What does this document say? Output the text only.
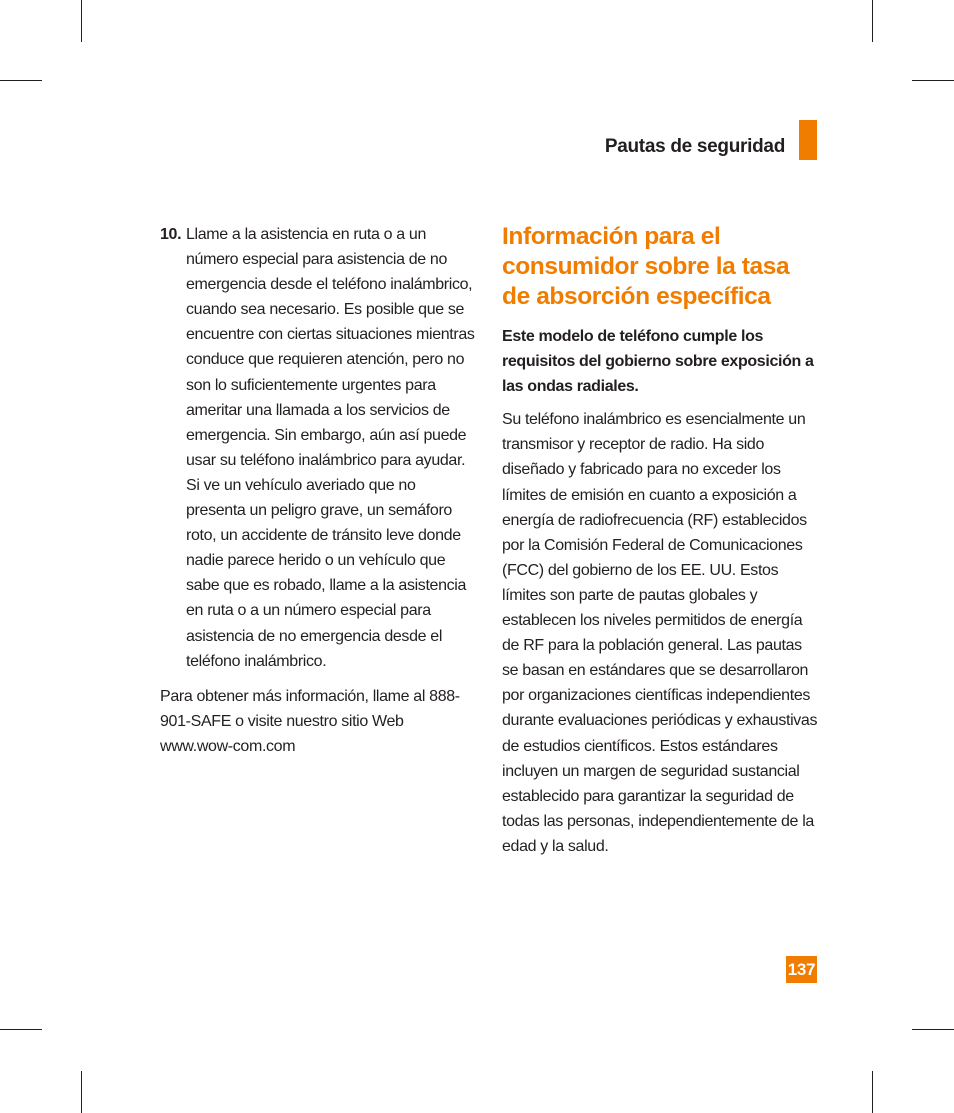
Pautas de seguridad
10. Llame a la asistencia en ruta o a un número especial para asistencia de no emergencia desde el teléfono inalámbrico, cuando sea necesario. Es posible que se encuentre con ciertas situaciones mientras conduce que requieren atención, pero no son lo suficientemente urgentes para ameritar una llamada a los servicios de emergencia. Sin embargo, aún así puede usar su teléfono inalámbrico para ayudar. Si ve un vehículo averiado que no presenta un peligro grave, un semáforo roto, un accidente de tránsito leve donde nadie parece herido o un vehículo que sabe que es robado, llame a la asistencia en ruta o a un número especial para asistencia de no emergencia desde el teléfono inalámbrico.

Para obtener más información, llame al 888-901-SAFE o visite nuestro sitio Web www.wow-com.com

Información para el consumidor sobre la tasa de absorción específica

Este modelo de teléfono cumple los requisitos del gobierno sobre exposición a las ondas radiales.

Su teléfono inalámbrico es esencialmente un transmisor y receptor de radio. Ha sido diseñado y fabricado para no exceder los límites de emisión en cuanto a exposición a energía de radiofrecuencia (RF) establecidos por la Comisión Federal de Comunicaciones (FCC) del gobierno de los EE. UU. Estos límites son parte de pautas globales y establecen los niveles permitidos de energía de RF para la población general. Las pautas se basan en estándares que se desarrollaron por organizaciones científicas independientes durante evaluaciones periódicas y exhaustivas de estudios científicos. Estos estándares incluyen un margen de seguridad sustancial establecido para garantizar la seguridad de todas las personas, independientemente de la edad y la salud.

137
